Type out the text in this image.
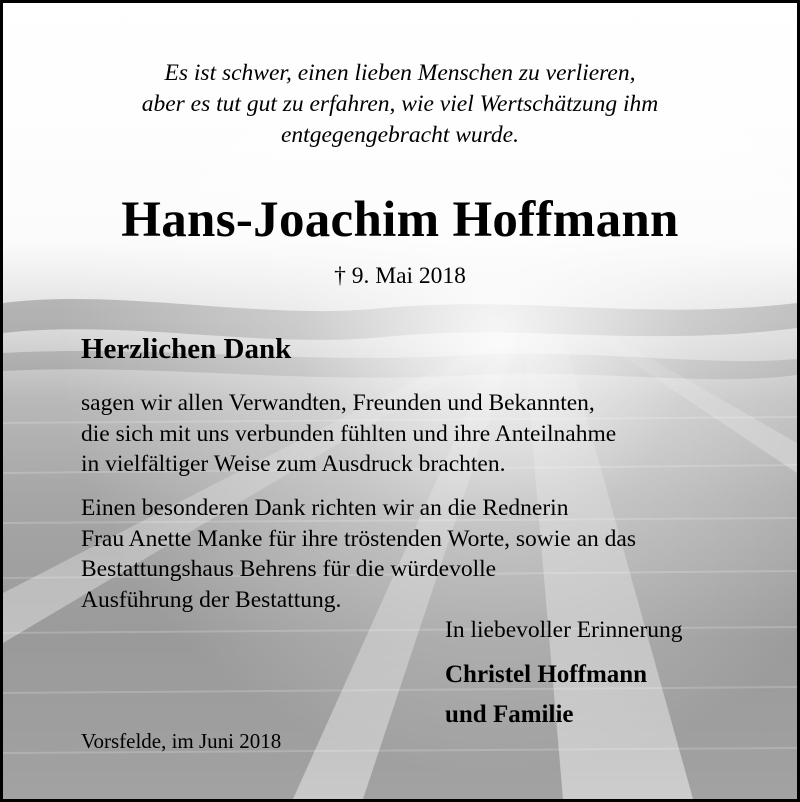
Es ist schwer, einen lieben Menschen zu verlieren,
aber es tut gut zu erfahren, wie viel Wertschätzung ihm
entgegengebracht wurde.
Hans-Joachim Hoffmann
† 9. Mai 2018
Herzlichen Dank
sagen wir allen Verwandten, Freunden und Bekannten,
die sich mit uns verbunden fühlten und ihre Anteilnahme
in vielfältiger Weise zum Ausdruck brachten.
Einen besonderen Dank richten wir an die Rednerin
Frau Anette Manke für ihre tröstenden Worte, sowie an das
Bestattungshaus Behrens für die würdevolle
Ausführung der Bestattung.
In liebevoller Erinnerung
Christel Hoffmann
und Familie
Vorsfelde, im Juni 2018
